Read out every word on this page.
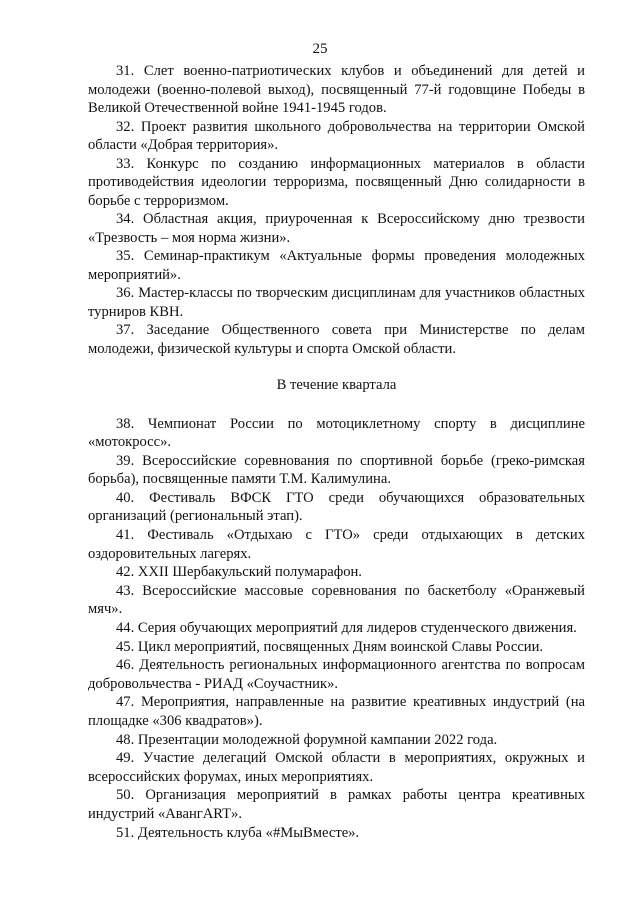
25

31. Слет военно-патриотических клубов и объединений для детей и молодежи (военно-полевой выход), посвященный 77-й годовщине Победы в Великой Отечественной войне 1941-1945 годов.

32. Проект развития школьного добровольчества на территории Омской области «Добрая территория».

33. Конкурс по созданию информационных материалов в области противодействия идеологии терроризма, посвященный Дню солидарности в борьбе с терроризмом.

34. Областная акция, приуроченная к Всероссийскому дню трезвости «Трезвость – моя норма жизни».

35. Семинар-практикум «Актуальные формы проведения молодежных мероприятий».

36. Мастер-классы по творческим дисциплинам для участников областных турниров КВН.

37. Заседание Общественного совета при Министерстве по делам молодежи, физической культуры и спорта Омской области.

В течение квартала

38. Чемпионат России по мотоциклетному спорту в дисциплине «мотокросс».

39. Всероссийские соревнования по спортивной борьбе (греко-римская борьба), посвященные памяти Т.М. Калимулина.

40. Фестиваль ВФСК ГТО среди обучающихся образовательных организаций (региональный этап).

41. Фестиваль «Отдыхаю с ГТО» среди отдыхающих в детских оздоровительных лагерях.

42. XXII Шербакульский полумарафон.

43. Всероссийские массовые соревнования по баскетболу «Оранжевый мяч».

44. Серия обучающих мероприятий для лидеров студенческого движения.

45. Цикл мероприятий, посвященных Дням воинской Славы России.

46. Деятельность региональных информационного агентства по вопросам добровольчества - РИАД «Соучастник».

47. Мероприятия, направленные на развитие креативных индустрий (на площадке «306 квадратов»).

48. Презентации молодежной форумной кампании 2022 года.

49. Участие делегаций Омской области в мероприятиях, окружных и всероссийских форумах, иных мероприятиях.

50. Организация мероприятий в рамках работы центра креативных индустрий «АвангART».

51. Деятельность клуба «#МыВместе».
